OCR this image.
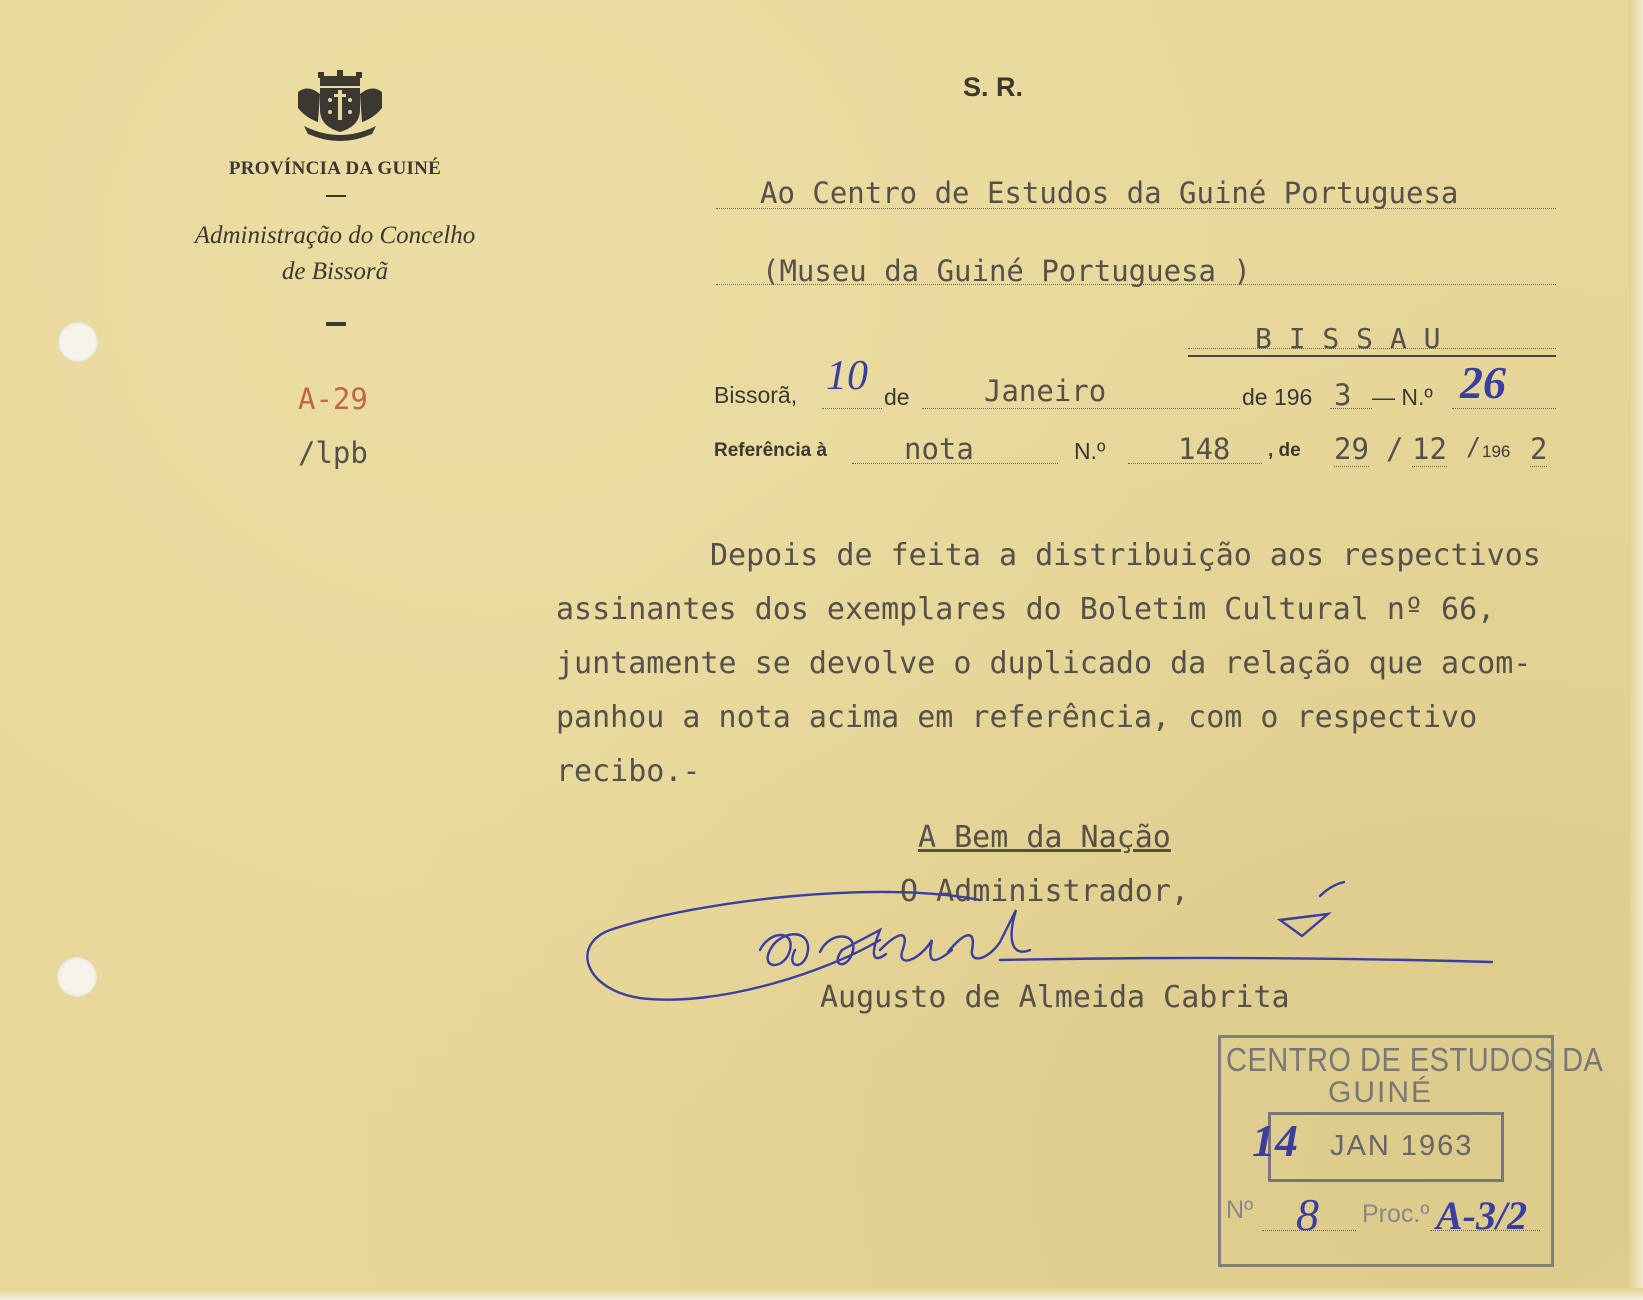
PROVÍNCIA DA GUINÉ
Administração do Concelho
de Bissorã
A-29
/lpb
S. R.
Ao Centro de Estudos da Guiné Portuguesa
(Museu da Guiné Portuguesa )
B I S S A U
Bissorã, 10 de	Janeiro	de 196 3 — N.º 26
Referência à	nota	N.º	148 , de 29 / 12 / 196 2
Depois de feita a distribuição aos respectivos
assinantes dos exemplares do Boletim Cultural nº 66,
juntamente se devolve o duplicado da relação que acom-
panhou a nota acima em referência, com o respectivo
recibo.-
A Bem da Nação
O Administrador,
Augusto de Almeida Cabrita
CENTRO DE ESTUDOS DA
GUINÉ
14 JAN 1963
Nº 8 Proc.º A-3/2
